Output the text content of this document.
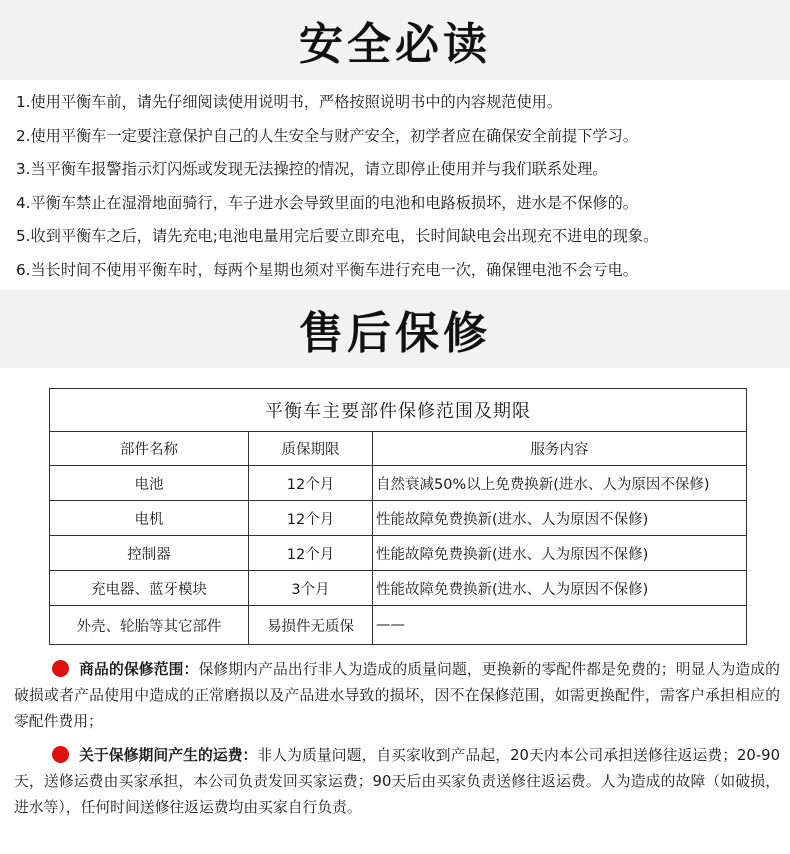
安全必读
1.使用平衡车前，请先仔细阅读使用说明书，严格按照说明书中的内容规范使用。
2.使用平衡车一定要注意保护自己的人生安全与财产安全，初学者应在确保安全前提下学习。
3.当平衡车报警指示灯闪烁或发现无法操控的情况，请立即停止使用并与我们联系处理。
4.平衡车禁止在湿滑地面骑行，车子进水会导致里面的电池和电路板损坏，进水是不保修的。
5.收到平衡车之后，请先充电;电池电量用完后要立即充电，长时间缺电会出现充不进电的现象。
6.当长时间不使用平衡车时，每两个星期也须对平衡车进行充电一次，确保锂电池不会亏电。
售后保修
平衡车主要部件保修范围及期限		
部件名称	质保期限	服务内容
电池	12个月	自然衰减50%以上免费换新(进水、人为原因不保修)
电机	12个月	性能故障免费换新(进水、人为原因不保修)
控制器	12个月	性能故障免费换新(进水、人为原因不保修)
充电器、蓝牙模块	3个月	性能故障免费换新(进水、人为原因不保修)
外壳、轮胎等其它部件	易损件无质保	——

商品的保修范围：保修期内产品出行非人为造成的质量问题，更换新的零配件都是免费的；明显人为造成的破损或者产品使用中造成的正常磨损以及产品进水导致的损坏，因不在保修范围，如需更换配件，需客户承担相应的零配件费用；

关于保修期间产生的运费：非人为质量问题，自买家收到产品起，20天内本公司承担送修往返运费；20-90天，送修运费由买家承担，本公司负责发回买家运费；90天后由买家负责送修往返运费。人为造成的故障（如破损，进水等），任何时间送修往返运费均由买家自行负责。
